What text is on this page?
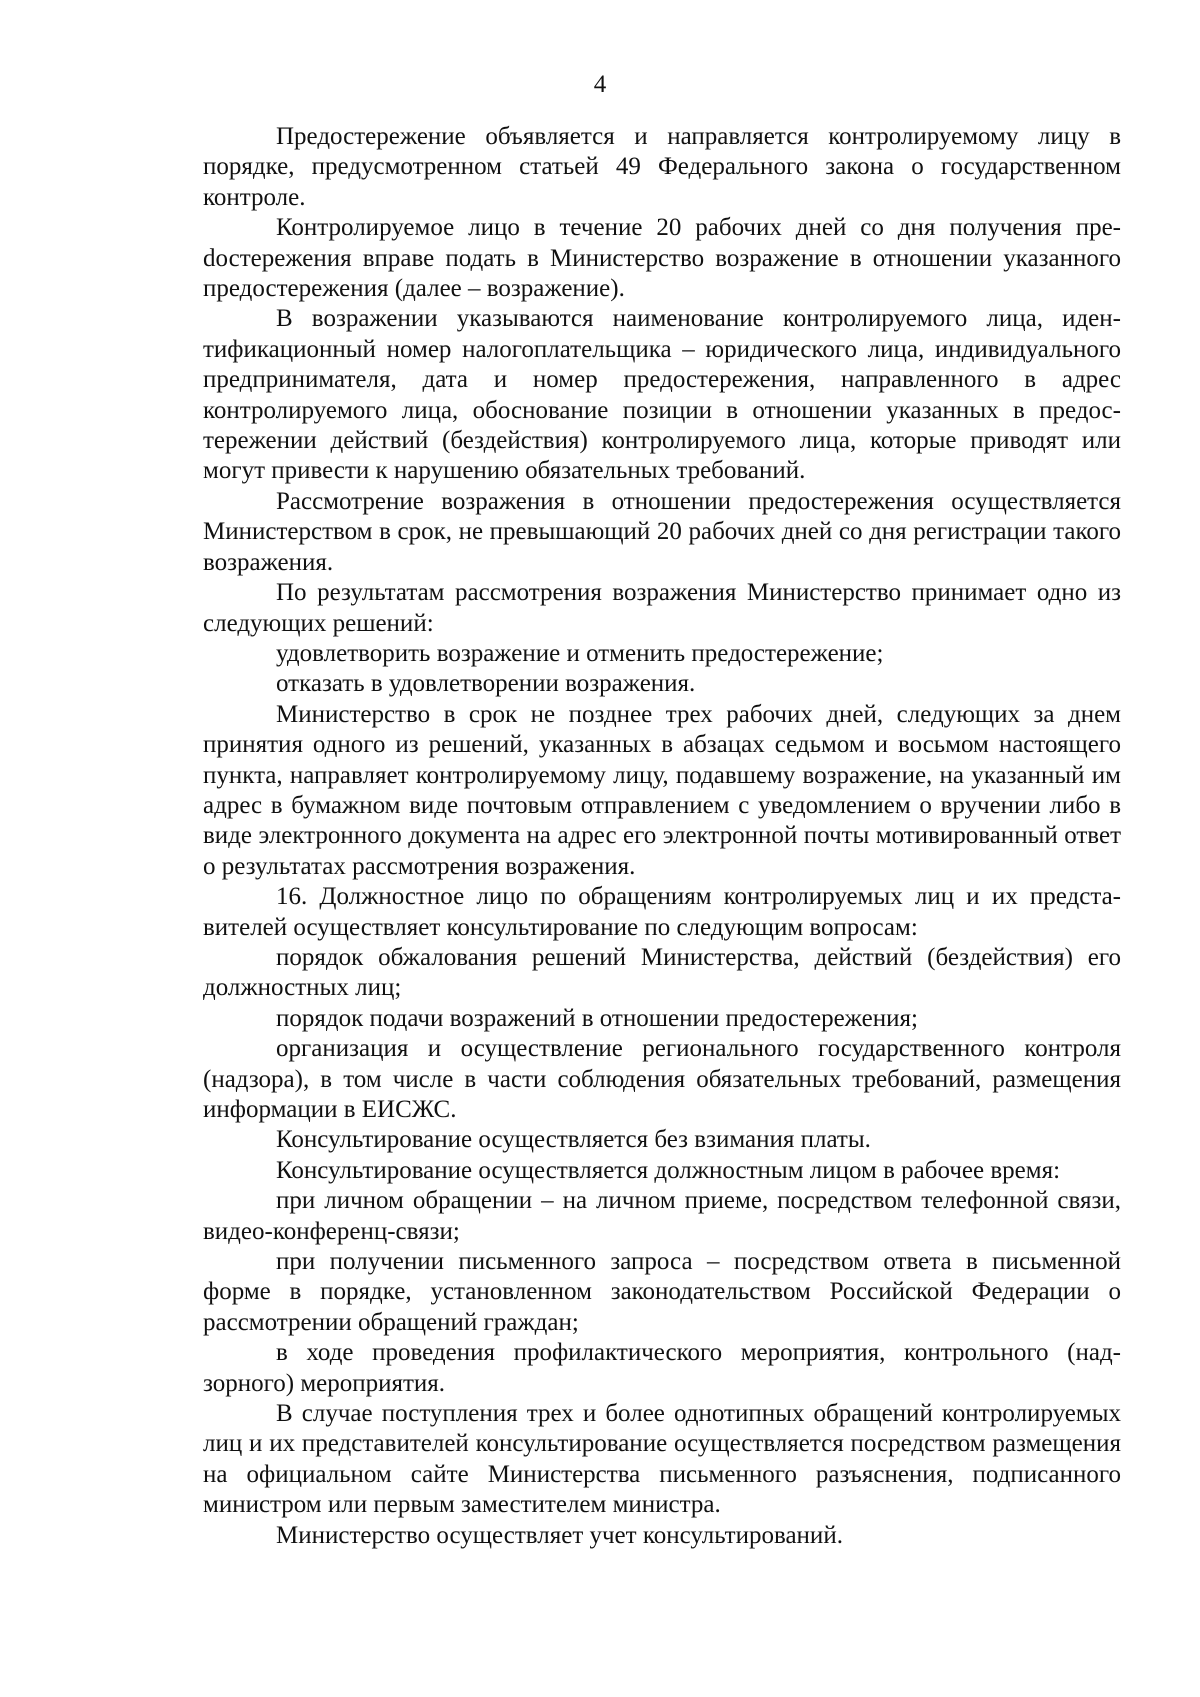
4

Предостережение объявляется и направляется контролируемому лицу в порядке, предусмотренном статьей 49 Федерального закона о государственном контроле.

Контролируемое лицо в течение 20 рабочих дней со дня получения преdостережения вправе подать в Министерство возражение в отношении указанного предостережения (далее – возражение).

В возражении указываются наименование контролируемого лица, идентификационный номер налогоплательщика – юридического лица, индивидуального предпринимателя, дата и номер предостережения, направленного в адрес контролируемого лица, обоснование позиции в отношении указанных в предостережении действий (бездействия) контролируемого лица, которые приводят или могут привести к нарушению обязательных требований.

Рассмотрение возражения в отношении предостережения осуществляется Министерством в срок, не превышающий 20 рабочих дней со дня регистрации такого возражения.

По результатам рассмотрения возражения Министерство принимает одно из следующих решений:

удовлетворить возражение и отменить предостережение;

отказать в удовлетворении возражения.

Министерство в срок не позднее трех рабочих дней, следующих за днем принятия одного из решений, указанных в абзацах седьмом и восьмом настоящего пункта, направляет контролируемому лицу, подавшему возражение, на указанный им адрес в бумажном виде почтовым отправлением с уведомлением о вручении либо в виде электронного документа на адрес его электронной почты мотивированный ответ о результатах рассмотрения возражения.

16. Должностное лицо по обращениям контролируемых лиц и их представителей осуществляет консультирование по следующим вопросам:

порядок обжалования решений Министерства, действий (бездействия) его должностных лиц;

порядок подачи возражений в отношении предостережения;

организация и осуществление регионального государственного контроля (надзора), в том числе в части соблюдения обязательных требований, размещения информации в ЕИСЖС.

Консультирование осуществляется без взимания платы.

Консультирование осуществляется должностным лицом в рабочее время:

при личном обращении – на личном приеме, посредством телефонной связи, видео-конференц-связи;

при получении письменного запроса – посредством ответа в письменной форме в порядке, установленном законодательством Российской Федерации о рассмотрении обращений граждан;

в ходе проведения профилактического мероприятия, контрольного (надзорного) мероприятия.

В случае поступления трех и более однотипных обращений контролируемых лиц и их представителей консультирование осуществляется посредством размещения на официальном сайте Министерства письменного разъяснения, подписанного министром или первым заместителем министра.

Министерство осуществляет учет консультирований.
